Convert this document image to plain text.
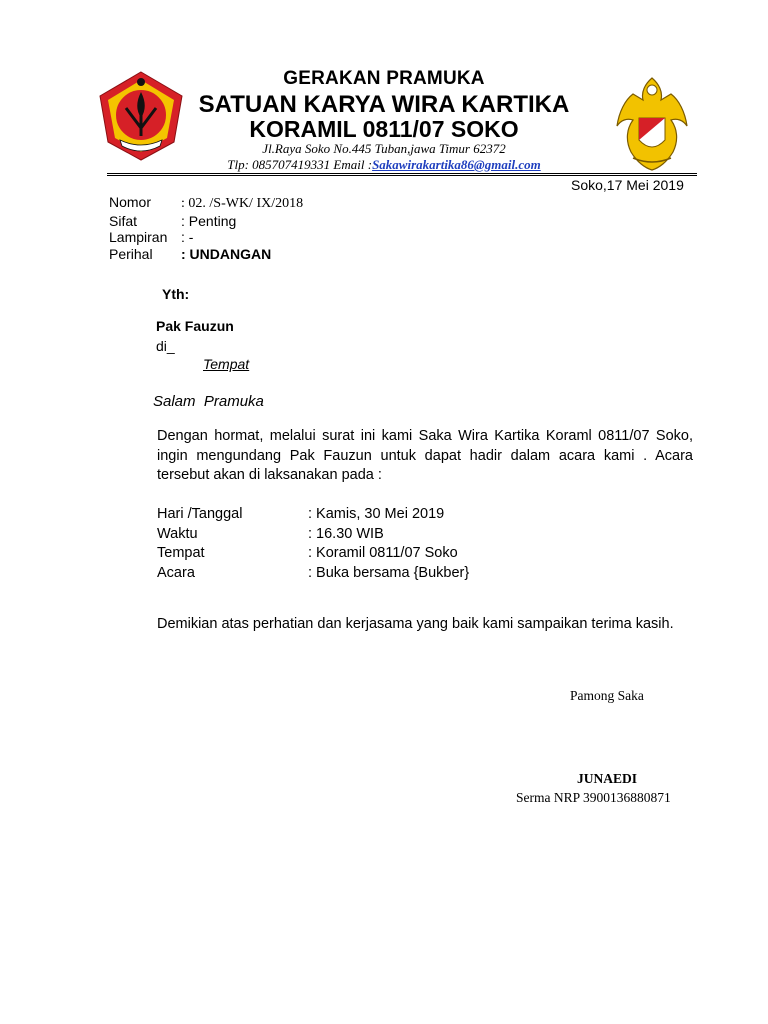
GERAKAN PRAMUKA
SATUAN KARYA WIRA KARTIKA
KORAMIL 0811/07 SOKO
Jl.Raya Soko No.445 Tuban,jawa Timur 62372
Tlp: 085707419331 Email :Sakawirakartika86@gmail.com
Soko,17 Mei 2019
Nomor : 02. /S-WK/ IX/2018
Sifat	: Penting
Lampiran : -
Perihal : UNDANGAN
Yth:
Pak Fauzun
di_
Tempat
Salam  Pramuka
Dengan hormat, melalui surat ini kami Saka Wira Kartika Koraml 0811/07 Soko, ingin mengundang Pak Fauzun untuk dapat hadir dalam acara kami . Acara tersebut akan di laksanakan pada :
Hari /Tanggal	: Kamis, 30 Mei 2019
Waktu	: 16.30 WIB
Tempat	: Koramil 0811/07 Soko
Acara	: Buka bersama {Bukber}
Demikian atas perhatian dan kerjasama yang baik kami sampaikan terima kasih.
Pamong Saka
JUNAEDI
Serma NRP 3900136880871
